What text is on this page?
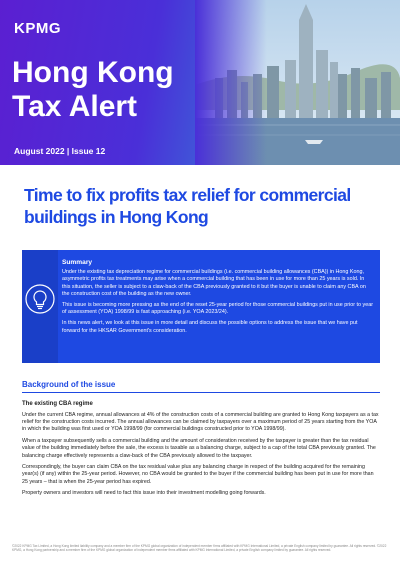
KPMG
Hong Kong
Tax Alert
August 2022 | Issue 12
Time to fix profits tax relief for commercial buildings in Hong Kong
Summary

Under the existing tax depreciation regime for commercial buildings (i.e. commercial building allowances (CBA)) in Hong Kong, asymmetric profits tax treatments may arise when a commercial building that has been in use for more than 25 years is sold. In this situation, the seller is subject to a claw-back of the CBA previously granted to it but the buyer is unable to claim any CBA on the construction cost of the building as the new owner.

This issue is becoming more pressing as the end of the reset 25-year period for those commercial buildings put in use prior to year of assessment (YOA) 1998/99 is fast approaching (i.e. YOA 2023/24).

In this news alert, we look at this issue in more detail and discuss the possible options to address the issue that we have put forward for the HKSAR Government's consideration.

Background of the issue
The existing CBA regime

Under the current CBA regime, annual allowances at 4% of the construction costs of a commercial building are granted to Hong Kong taxpayers as a tax relief for the construction costs incurred. The annual allowances can be claimed by taxpayers over a maximum period of 25 years starting from the YOA in which the building was first used or YOA 1998/99 (for commercial buildings constructed prior to YOA 1998/99).

When a taxpayer subsequently sells a commercial building and the amount of consideration received by the taxpayer is greater than the tax residual value of the building immediately before the sale, the excess is taxable as a balancing charge, subject to a cap of the total CBA previously granted. The balancing charge effectively represents a claw-back of the CBA previously allowed to the taxpayer.

Correspondingly, the buyer can claim CBA on the tax residual value plus any balancing charge in respect of the building acquired for the remaining year(s) (if any) within the 25-year period. However, no CBA would be granted to the buyer if the commercial building has been put in use for more than 25 years – that is when the 25-year period has expired.

Property owners and investors will need to fact this issue into their investment modelling going forwards.

©2022 KPMG Tax Limited, a Hong Kong limited liability company and a member firm of the KPMG global organization of independent member firms affiliated with KPMG International Limited, a private English company limited by guarantee. All rights reserved. ©2022 KPMG, a Hong Kong partnership and a member firm of the KPMG global organization of independent member firms affiliated with KPMG International Limited, a private English company limited by guarantee. All rights reserved.
